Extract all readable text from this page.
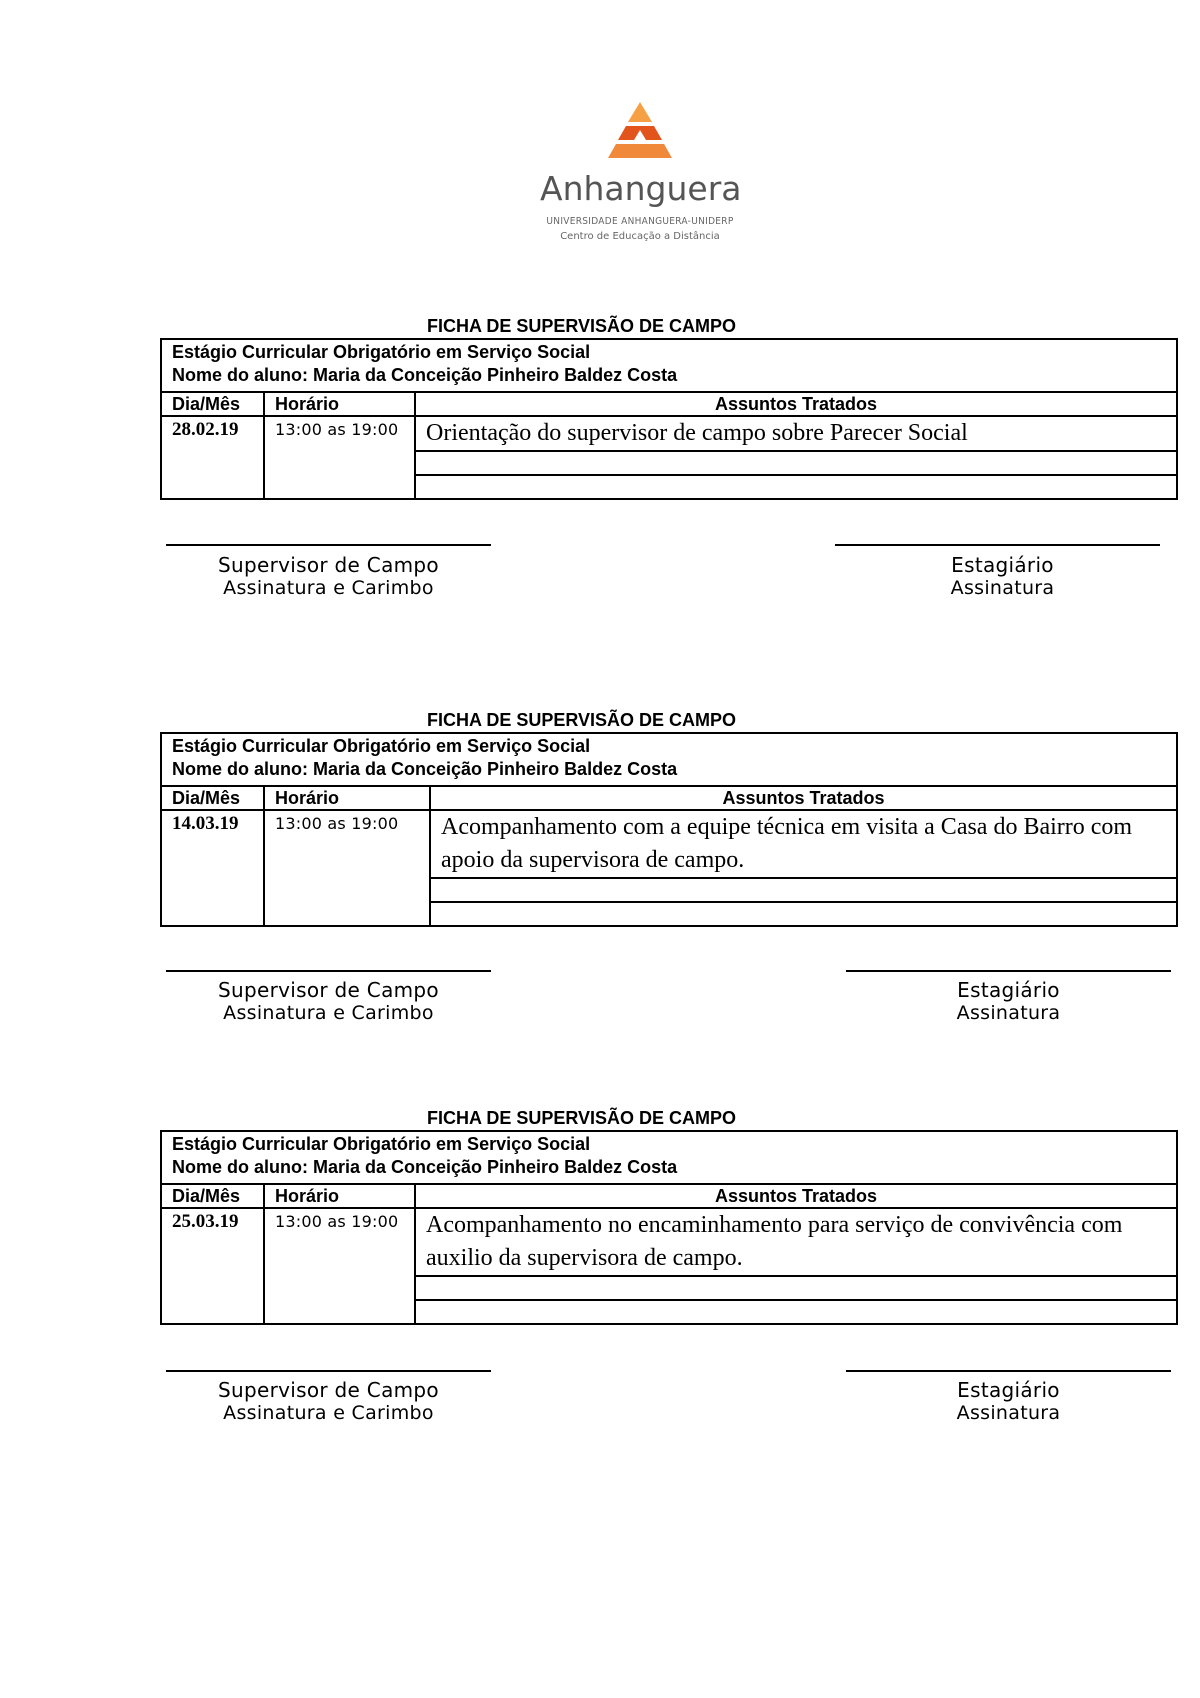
Anhanguera
UNIVERSIDADE ANHANGUERA-UNIDERP
Centro de Educação a Distância
FICHA DE SUPERVISÃO DE CAMPO
Estágio Curricular Obrigatório em Serviço Social
Nome do aluno: Maria da Conceição Pinheiro Baldez Costa		

Dia/Mês	Horário	Assuntos Tratados
28.02.19	13:00 as 19:00	Orientação do supervisor de campo sobre Parecer Social

Supervisor de Campo
Assinatura e Carimbo
Estagiário
Assinatura
FICHA DE SUPERVISÃO DE CAMPO
Estágio Curricular Obrigatório em Serviço Social
Nome do aluno: Maria da Conceição Pinheiro Baldez Costa		

Dia/Mês	Horário	Assuntos Tratados
14.03.19	13:00 as 19:00	Acompanhamento com a equipe técnica em visita a Casa do Bairro com apoio da supervisora de campo.

Supervisor de Campo
Assinatura e Carimbo
Estagiário
Assinatura
FICHA DE SUPERVISÃO DE CAMPO
Estágio Curricular Obrigatório em Serviço Social
Nome do aluno: Maria da Conceição Pinheiro Baldez Costa		

Dia/Mês	Horário	Assuntos Tratados
25.03.19	13:00 as 19:00	Acompanhamento no encaminhamento para serviço de convivência com auxilio da supervisora de campo.

Supervisor de Campo
Assinatura e Carimbo
Estagiário
Assinatura
